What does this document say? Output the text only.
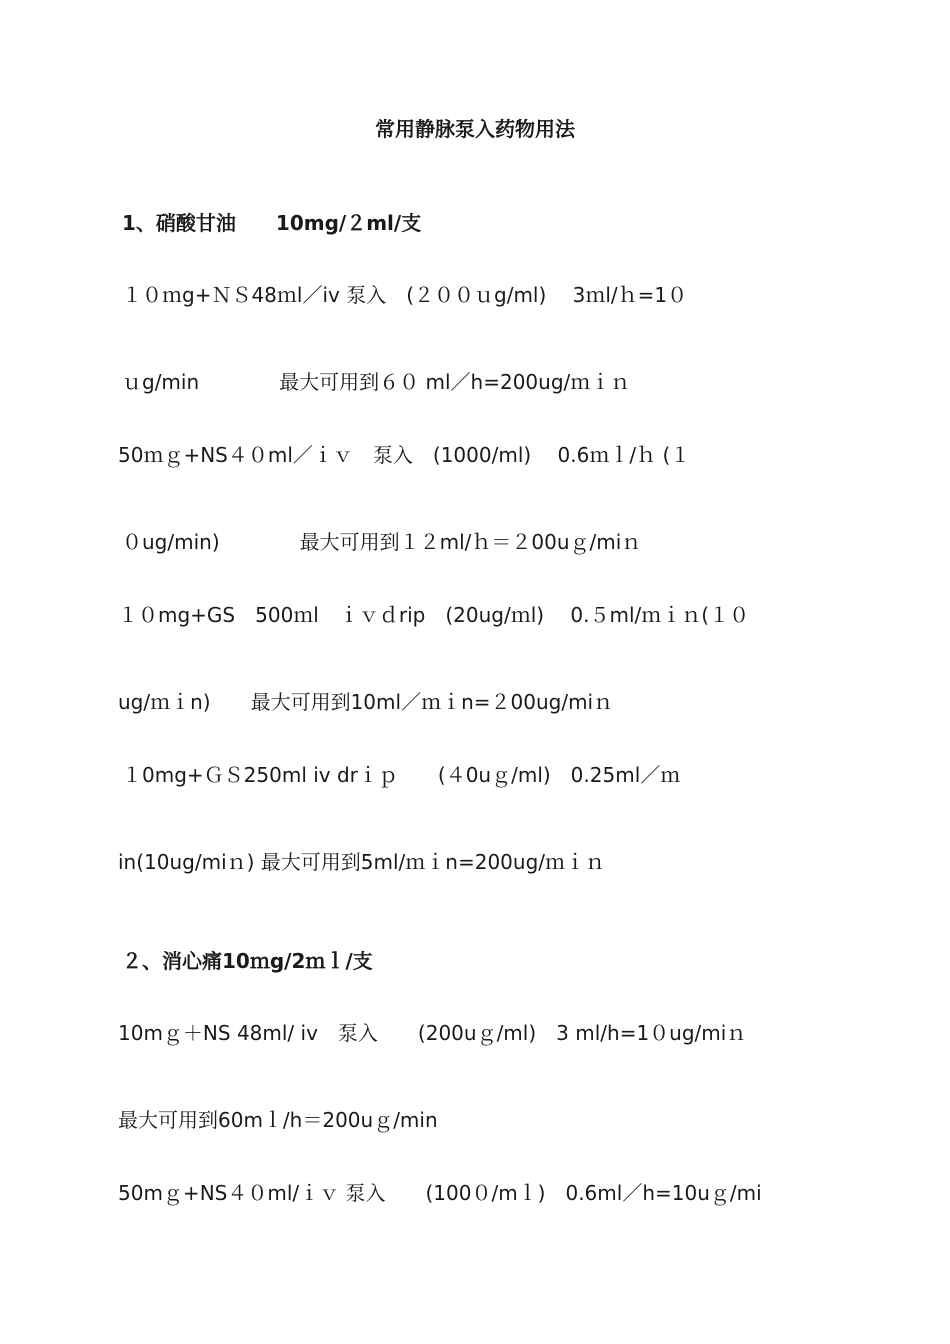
常用静脉泵入药物用法
1、硝酸甘油　　10mg/２ml/支
１０ｍg+ＮＳ48ｍl／iv 泵入　(２００ｕg/ml)　 3ｍl/ｈ=1０
ｕg/min　　　　最大可用到６０ ml／h=200ug/ｍｉｎ
50ｍｇ+NS４０ml／ｉｖ　泵入　(1000/ml)　 0.6ｍｌ/ｈ (１
０ug/min)　　　　最大可用到１２ml/ｈ＝２00uｇ/miｎ
１０mg+GS　500ｍl　ｉｖｄrip　(20ug/ｍl)　 0.５ml/ｍｉｎ(１０
ug/ｍｉn)　　最大可用到10ml／ｍｉn=２00ug/miｎ
１0mg+ＧＳ250ml iv drｉｐ　　(４0uｇ/ml)　0.25ml／ｍ
in(10ug/miｎ) 最大可用到5ml/ｍｉn=200ug/ｍｉｎ
２、消心痛10ｍg/2ｍｌ/支
10mｇ＋NS 48ml/ iv　泵入　　(200uｇ/ml)　3 ml/h=1０ug/miｎ
最大可用到60mｌ/h＝200uｇ/min
50mｇ+NS４０ml/ｉｖ 泵入　　(100０/mｌ)　0.6ml／h=10uｇ/mi
